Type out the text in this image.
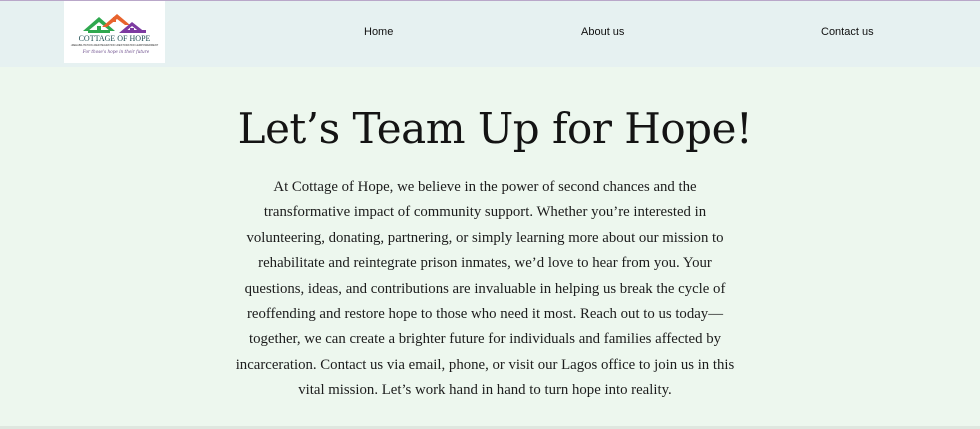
COTTAGE OF HOPE
•REHABILITATION •REINTEGRATION •RESTORATION •EMPOWERMENT
For those's hope in their future
Home	About us	Contact us
Let’s Team Up for Hope!

At Cottage of Hope, we believe in the power of second chances and the transformative impact of community support. Whether you’re interested in volunteering, donating, partnering, or simply learning more about our mission to rehabilitate and reintegrate prison inmates, we’d love to hear from you. Your questions, ideas, and contributions are invaluable in helping us break the cycle of reoffending and restore hope to those who need it most. Reach out to us today—together, we can create a brighter future for individuals and families affected by incarceration. Contact us via email, phone, or visit our Lagos office to join us in this vital mission. Let’s work hand in hand to turn hope into reality.
